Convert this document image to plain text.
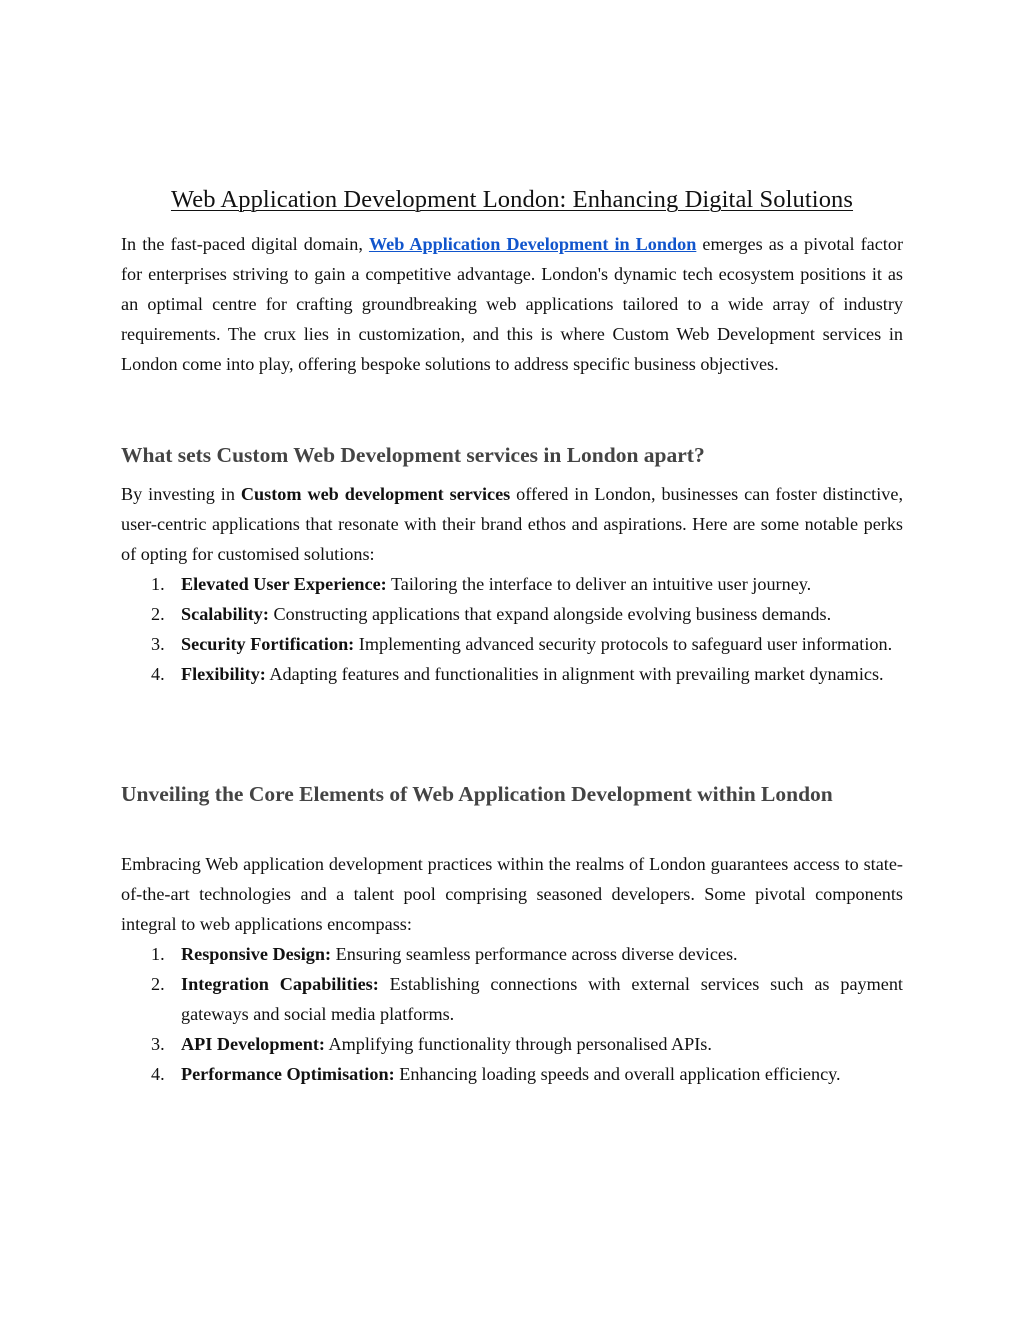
Web Application Development London: Enhancing Digital Solutions

In the fast-paced digital domain, Web Application Development in London emerges as a pivotal factor for enterprises striving to gain a competitive advantage. London's dynamic tech ecosystem positions it as an optimal centre for crafting groundbreaking web applications tailored to a wide array of industry requirements. The crux lies in customization, and this is where Custom Web Development services in London come into play, offering bespoke solutions to address specific business objectives.

What sets Custom Web Development services in London apart?

By investing in Custom web development services offered in London, businesses can foster distinctive, user-centric applications that resonate with their brand ethos and aspirations. Here are some notable perks of opting for customised solutions:

1. Elevated User Experience: Tailoring the interface to deliver an intuitive user journey.
2. Scalability: Constructing applications that expand alongside evolving business demands.
3. Security Fortification: Implementing advanced security protocols to safeguard user information.
4. Flexibility: Adapting features and functionalities in alignment with prevailing market dynamics.
Unveiling the Core Elements of Web Application Development within London

Embracing Web application development practices within the realms of London guarantees access to state-of-the-art technologies and a talent pool comprising seasoned developers. Some pivotal components integral to web applications encompass:

1. Responsive Design: Ensuring seamless performance across diverse devices.
2. Integration Capabilities: Establishing connections with external services such as payment gateways and social media platforms.
3. API Development: Amplifying functionality through personalised APIs.
4. Performance Optimisation: Enhancing loading speeds and overall application efficiency.
